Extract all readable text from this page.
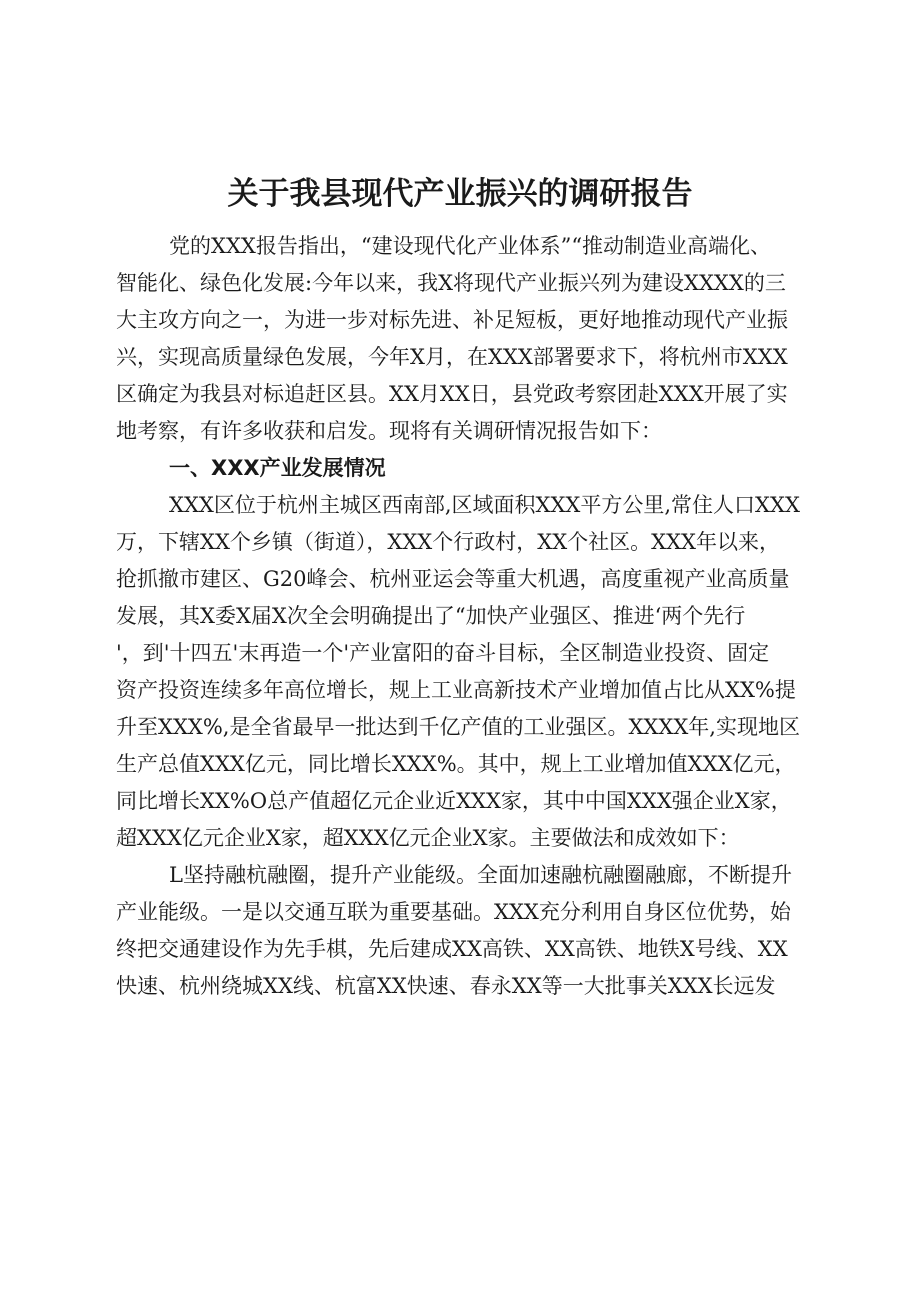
关于我县现代产业振兴的调研报告
党的XXX报告指出，“建设现代化产业体系”“推动制造业高端化、
智能化、绿色化发展:今年以来，我X将现代产业振兴列为建设XXXX的三
大主攻方向之一，为进一步对标先进、补足短板，更好地推动现代产业振
兴，实现高质量绿色发展，今年X月，在XXX部署要求下，将杭州市XXX
区确定为我县对标追赶区县。XX月XX日，县党政考察团赴XXX开展了实
地考察，有许多收获和启发。现将有关调研情况报告如下：
一、XXX产业发展情况
XXX区位于杭州主城区西南部,区域面积XXX平方公里,常住人口XXX
万，下辖XX个乡镇（街道），XXX个行政村，XX个社区。XXX年以来，
抢抓撤市建区、G20峰会、杭州亚运会等重大机遇，高度重视产业高质量
发展，其X委X届X次全会明确提出了“加快产业强区、推进‘两个先行
'，到'十四五'末再造一个'产业富阳的奋斗目标，全区制造业投资、固定
资产投资连续多年高位增长，规上工业高新技术产业增加值占比从XX%提
升至XXX%,是全省最早一批达到千亿产值的工业强区。XXXX年,实现地区
生产总值XXX亿元，同比增长XXX%。其中，规上工业增加值XXX亿元，
同比增长XX%O总产值超亿元企业近XXX家，其中中国XXX强企业X家，
超XXX亿元企业X家，超XXX亿元企业X家。主要做法和成效如下：
L坚持融杭融圈，提升产业能级。全面加速融杭融圈融廊，不断提升
产业能级。一是以交通互联为重要基础。XXX充分利用自身区位优势，始
终把交通建设作为先手棋，先后建成XX高铁、XX高铁、地铁X号线、XX
快速、杭州绕城XX线、杭富XX快速、春永XX等一大批事关XXX长远发
